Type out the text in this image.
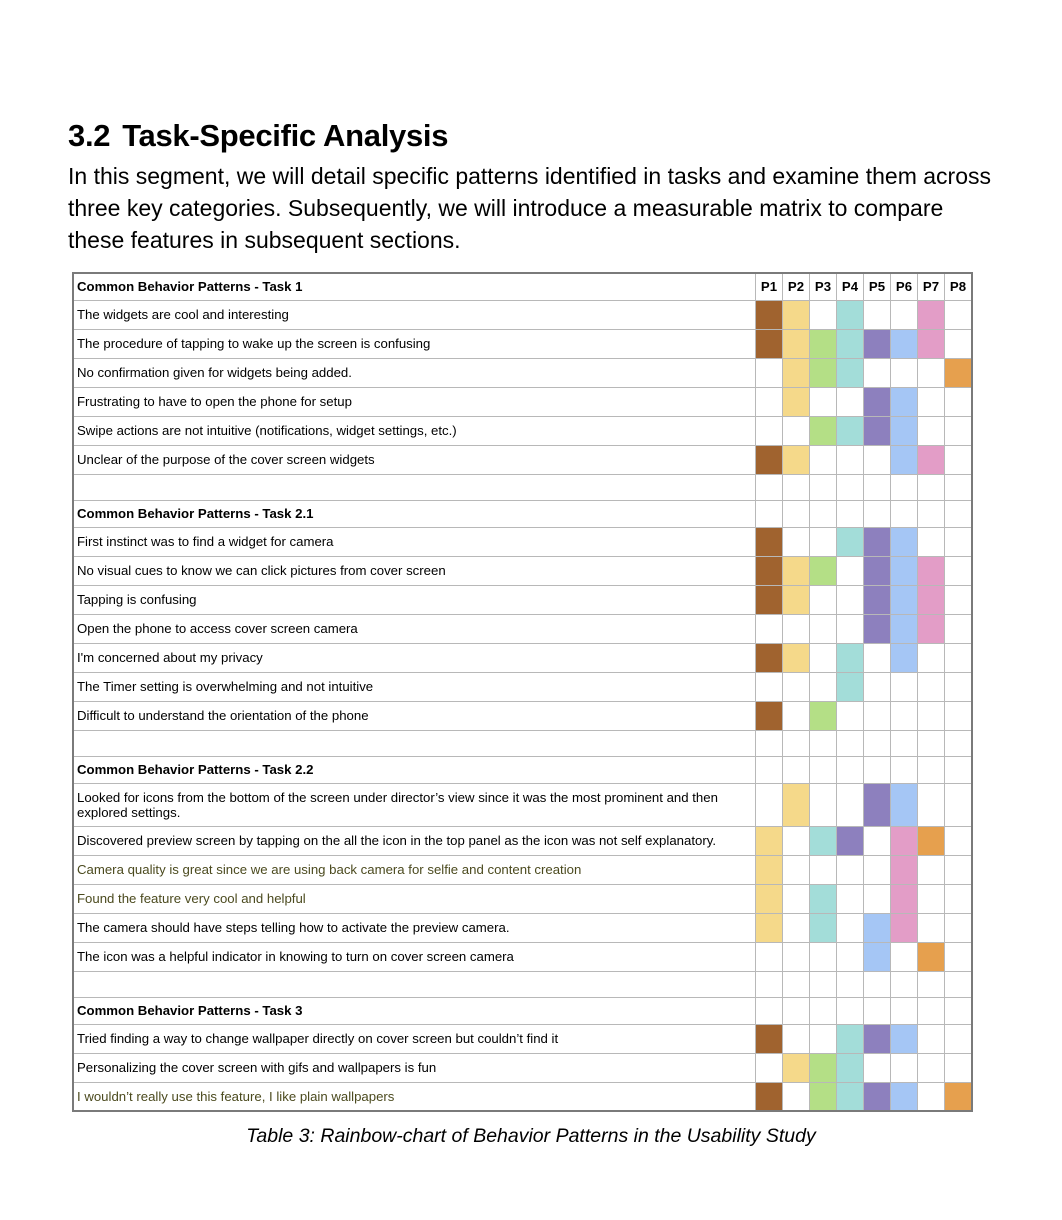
3.2 Task-Specific Analysis
In this segment, we will detail specific patterns identified in tasks and examine them across three key categories. Subsequently, we will introduce a measurable matrix to compare these features in subsequent sections.
Common Behavior Patterns - Task 1	P1	P2	P3	P4	P5	P6	P7	P8
The widgets are cool and interesting								
The procedure of tapping to wake up the screen is confusing								
No confirmation given for widgets being added.								
Frustrating to have to open the phone for setup								
Swipe actions are not intuitive (notifications, widget settings, etc.)								
Unclear of the purpose of the cover screen widgets								

Common Behavior Patterns - Task 2.1								
First instinct was to find a widget for camera								
No visual cues to know we can click pictures from cover screen								
Tapping is confusing								
Open the phone to access cover screen camera								
I'm concerned about my privacy								
The Timer setting is overwhelming and not intuitive								
Difficult to understand the orientation of the phone								

Common Behavior Patterns - Task 2.2								
Looked for icons from the bottom of the screen under director’s view since it was the most prominent and then explored settings.								
Discovered preview screen by tapping on the all the icon in the top panel as the icon was not self explanatory.								
Camera quality is great since we are using back camera for selfie and content creation								
Found the feature very cool and helpful								
The camera should have steps telling how to activate the preview camera.								
The icon was a helpful indicator in knowing to turn on cover screen camera								

Common Behavior Patterns - Task 3								
Tried finding a way to change wallpaper directly on cover screen but couldn’t find it								
Personalizing the cover screen with gifs and wallpapers is fun								
I wouldn’t really use this feature, I like plain wallpapers								
Table 3: Rainbow-chart of Behavior Patterns in the Usability Study
